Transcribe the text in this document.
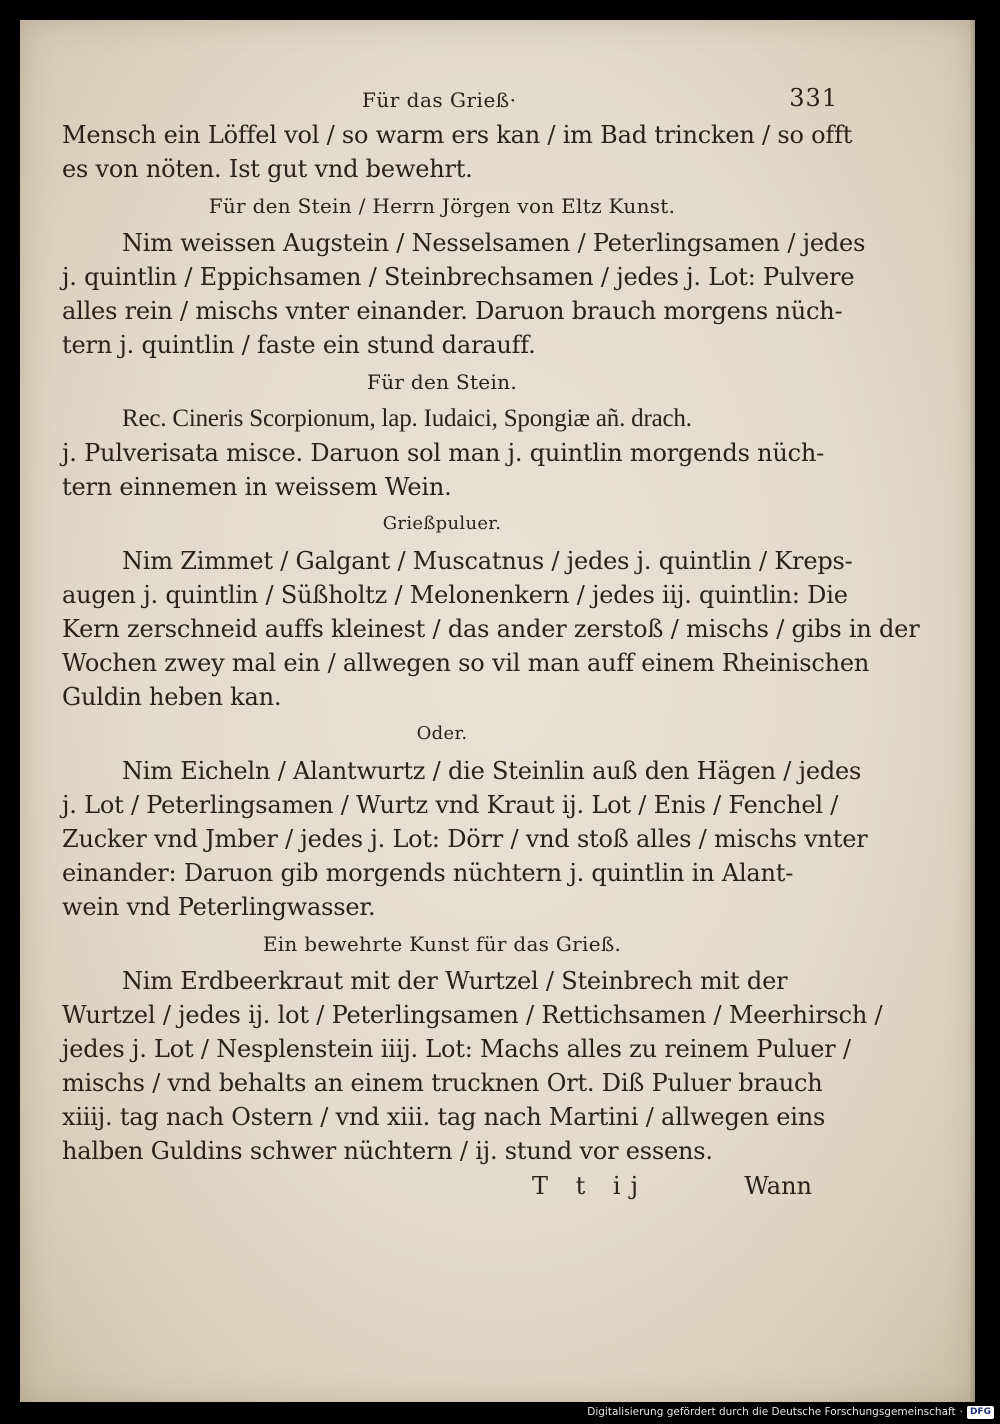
Für das Grieß·	331
Mensch ein Löffel vol / so warm ers kan / im Bad trincken / so offt
es von nöten. Ist gut vnd bewehrt.
Für den Stein / Herrn Jörgen von Eltz Kunst.
Nim weissen Augstein / Nesselsamen / Peterlingsamen / jedes
j. quintlin / Eppichsamen / Steinbrechsamen / jedes j. Lot: Pulvere
alles rein / mischs vnter einander. Daruon brauch morgens nüch-
tern j. quintlin / faste ein stund darauff.
Für den Stein.
Rec. Cineris Scorpionum, lap. Iudaici, Spongiæ añ. drach.
j. Pulverisata misce. Daruon sol man j. quintlin morgends nüch-
tern einnemen in weissem Wein.
Grießpuluer.
Nim Zimmet / Galgant / Muscatnus / jedes j. quintlin / Kreps-
augen j. quintlin / Süßholtz / Melonenkern / jedes iij. quintlin: Die
Kern zerschneid auffs kleinest / das ander zerstoß / mischs / gibs in der
Wochen zwey mal ein / allwegen so vil man auff einem Rheinischen
Guldin heben kan.
Oder.
Nim Eicheln / Alantwurtz / die Steinlin auß den Hägen / jedes
j. Lot / Peterlingsamen / Wurtz vnd Kraut ij. Lot / Enis / Fenchel /
Zucker vnd Jmber / jedes j. Lot: Dörr / vnd stoß alles / mischs vnter
einander: Daruon gib morgends nüchtern j. quintlin in Alant-
wein vnd Peterlingwasser.
Ein bewehrte Kunst für das Grieß.
Nim Erdbeerkraut mit der Wurtzel / Steinbrech mit der
Wurtzel / jedes ij. lot / Peterlingsamen / Rettichsamen / Meerhirsch /
jedes j. Lot / Nesplenstein iiij. Lot: Machs alles zu reinem Puluer /
mischs / vnd behalts an einem trucknen Ort. Diß Puluer brauch
xiiij. tag nach Ostern / vnd xiii. tag nach Martini / allwegen eins
halben Guldins schwer nüchtern / ij. stund vor essens.
T t ij	Wann
Digitalisierung gefördert durch die Deutsche Forschungsgemeinschaft · DFG
